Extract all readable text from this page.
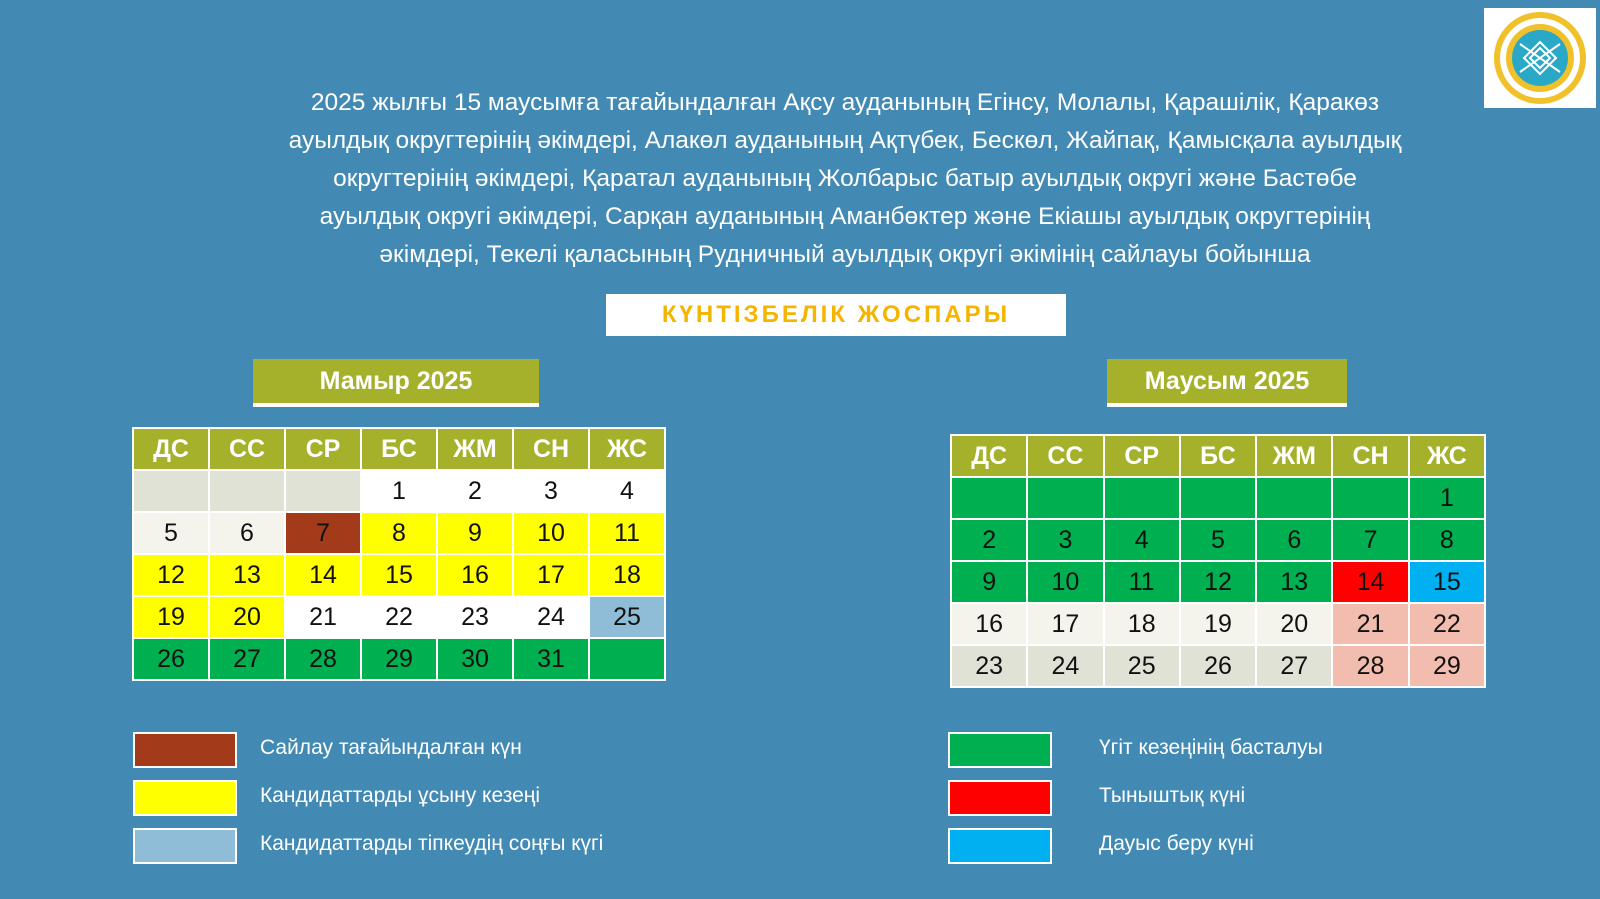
2025 жылғы 15 маусымға тағайындалған Ақсу ауданының Егінсу, Молалы, Қарашілік, Қаракөз
ауылдық округтерінің әкімдері, Алакөл ауданының Ақтүбек, Бескөл, Жайпақ, Қамысқала ауылдық
округтерінің әкімдері, Қаратал ауданының Жолбарыс батыр ауылдық округі және Бастөбе
ауылдық округі әкімдері, Сарқан ауданының Аманбөктер және Екіашы ауылдық округтерінің
әкімдері, Текелі қаласының Рудничный ауылдық округі әкімінің сайлауы бойынша
КҮНТІЗБЕЛІК ЖОСПАРЫ
Мамыр 2025	Маусым 2025
ДС	СС	СР	БС	ЖМ	СН	ЖС
			1	2	3	4
5	6	7	8	9	10	11
12	13	14	15	16	17	18
19	20	21	22	23	24	25
26	27	28	29	30	31	
ДС	СС	СР	БС	ЖМ	СН	ЖС
						1
2	3	4	5	6	7	8
9	10	11	12	13	14	15
16	17	18	19	20	21	22
23	24	25	26	27	28	29
Сайлау тағайындалған күн
Кандидаттарды ұсыну кезеңі
Кандидаттарды тіпкеудің соңғы күгі
Үгіт кезеңінің басталуы
Тыныштық күні
Дауыс беру күні
